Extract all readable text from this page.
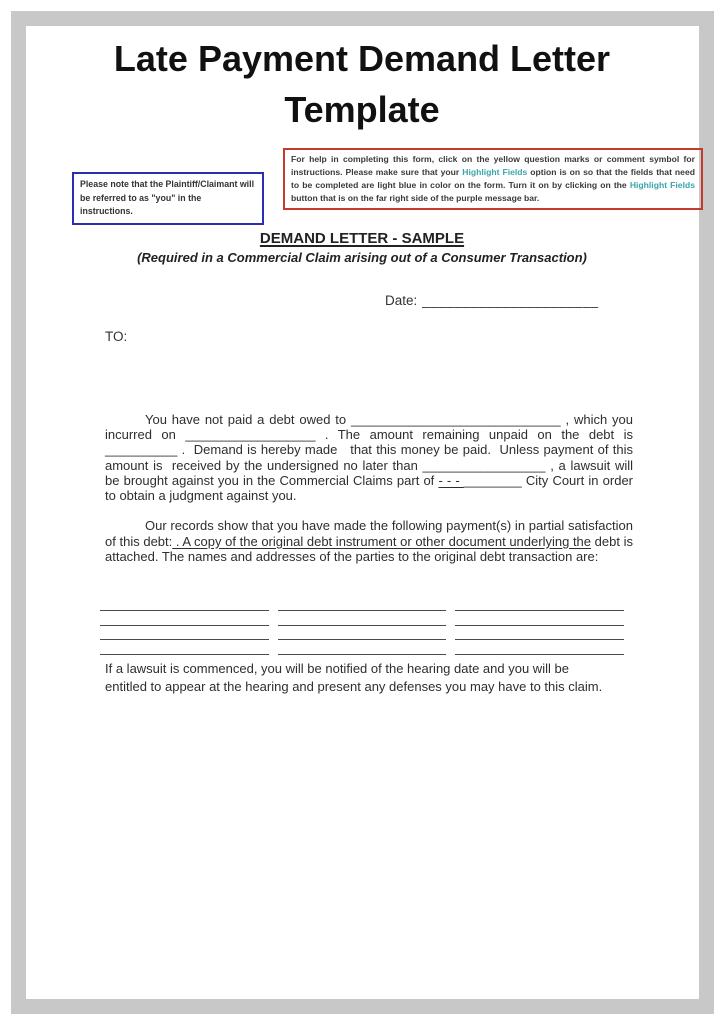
Late Payment Demand Letter
Template
For help in completing this form, click on the yellow question marks or comment symbol for instructions. Please make sure that your Highlight Fields option is on so that the fields that need to be completed are light blue in color on the form. Turn it on by clicking on the Highlight Fields button that is on the far right side of the purple message bar.
Please note that the Plaintiff/Claimant will be referred to as "you" in the instructions.
DEMAND LETTER - SAMPLE
(Required in a Commercial Claim arising out of a Consumer Transaction)
Date: ______________________
TO:
You have not paid a debt owed to _____________________________ , which you incurred on __________________ . The amount remaining unpaid on the debt is __________ .  Demand is hereby made   that this money be paid.  Unless payment of this amount is  received by the undersigned no later than _________________ , a lawsuit will be brought against you in the Commercial Claims part of - - - ________ City Court in order to obtain a judgment against you.
Our records show that you have made the following payment(s) in partial satisfaction of this debt: . A copy of the original debt instrument or other document underlying the debt is attached. The names and addresses of the parties to the original debt transaction are:
If a lawsuit is commenced, you will be notified of the hearing date and you will be entitled to appear at the hearing and present any defenses you may have to this claim.
